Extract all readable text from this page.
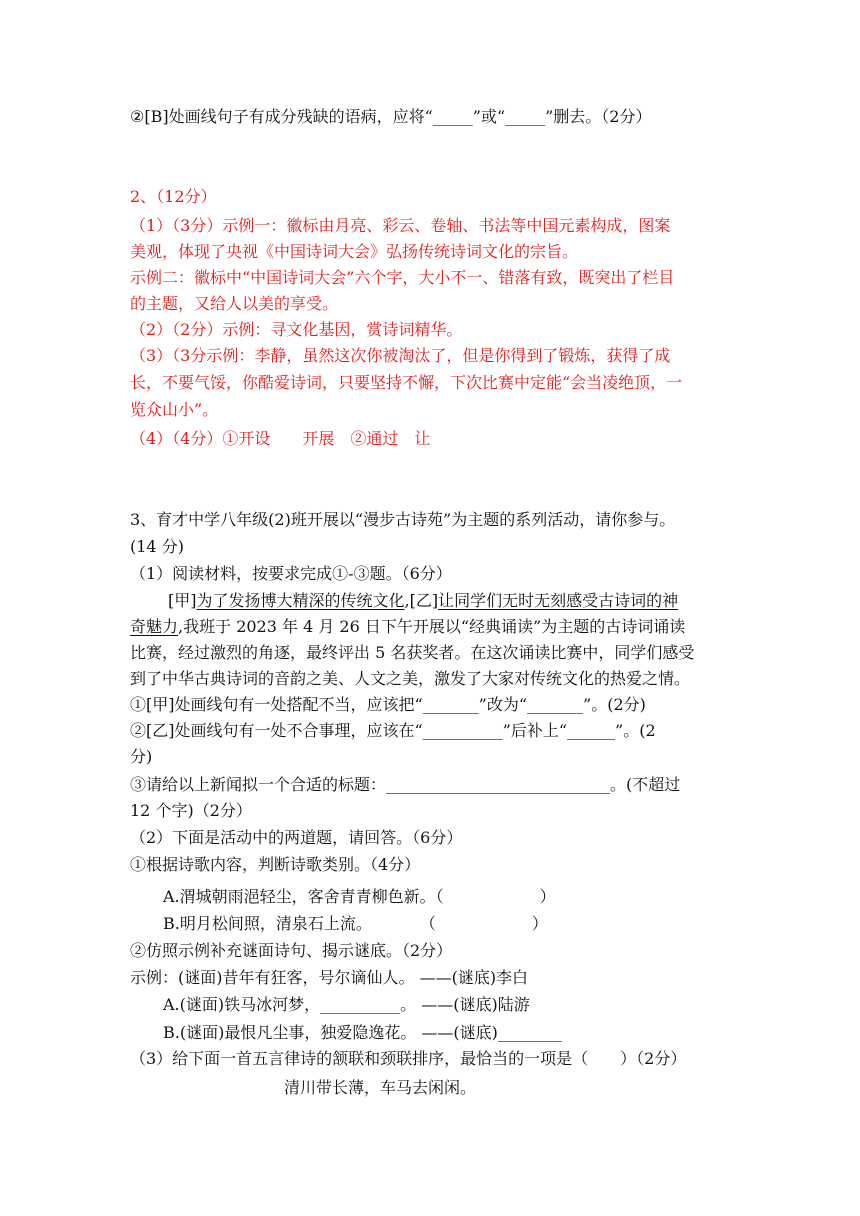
②[B]处画线句子有成分残缺的语病，应将“_____”或“_____”删去。（2分）
2、（12分）
（1）（3分）示例一：徽标由月亮、彩云、卷轴、书法等中国元素构成，图案
美观，体现了央视《中国诗词大会》弘扬传统诗词文化的宗旨。
示例二：徽标中“中国诗词大会”六个字，大小不一、错落有致，既突出了栏目
的主题，又给人以美的享受。
（2）（2分）示例：寻文化基因，赏诗词精华。
（3）（3分示例：李静，虽然这次你被淘汰了，但是你得到了锻炼，获得了成
长，不要气馁，你酷爱诗词，只要坚持不懈，下次比赛中定能“会当凌绝顶，一
览众山小”。
（4）（4分）①开设　　开展　②通过　让
3、育才中学八年级(2)班开展以“漫步古诗苑”为主题的系列活动，请你参与。
(14 分)
（1）阅读材料，按要求完成①-③题。（6分）
[甲]为了发扬博大精深的传统文化,[乙]让同学们无时无刻感受古诗词的神
奇魅力,我班于 2023 年 4 月 26 日下午开展以“经典诵读”为主题的古诗词诵读
比赛，经过激烈的角逐，最终评出 5 名获奖者。在这次诵读比赛中，同学们感受
到了中华古典诗词的音韵之美、人文之美，激发了大家对传统文化的热爱之情。
①[甲]处画线句有一处搭配不当，应该把“_______”改为“_______”。(2分)
②[乙]处画线句有一处不合事理，应该在“__________”后补上“______”。(2
分)
③请给以上新闻拟一个合适的标题：____________________________。(不超过
12 个字)（2分）
（2）下面是活动中的两道题，请回答。（6分）
①根据诗歌内容，判断诗歌类别。（4分）
A.渭城朝雨浥轻尘，客舍青青柳色新。（　　　　　　）
B.明月松间照，清泉石上流。　　　　（　　　　　　）
②仿照示例补充谜面诗句、揭示谜底。（2分）
示例：(谜面)昔年有狂客，号尔谪仙人。 ——(谜底)李白
A.(谜面)铁马冰河梦，__________。 ——(谜底)陆游
B.(谜面)最恨凡尘事，独爱隐逸花。 ——(谜底)________
（3）给下面一首五言律诗的颔联和颈联排序，最恰当的一项是（　　）（2分）
清川带长薄，车马去闲闲。
